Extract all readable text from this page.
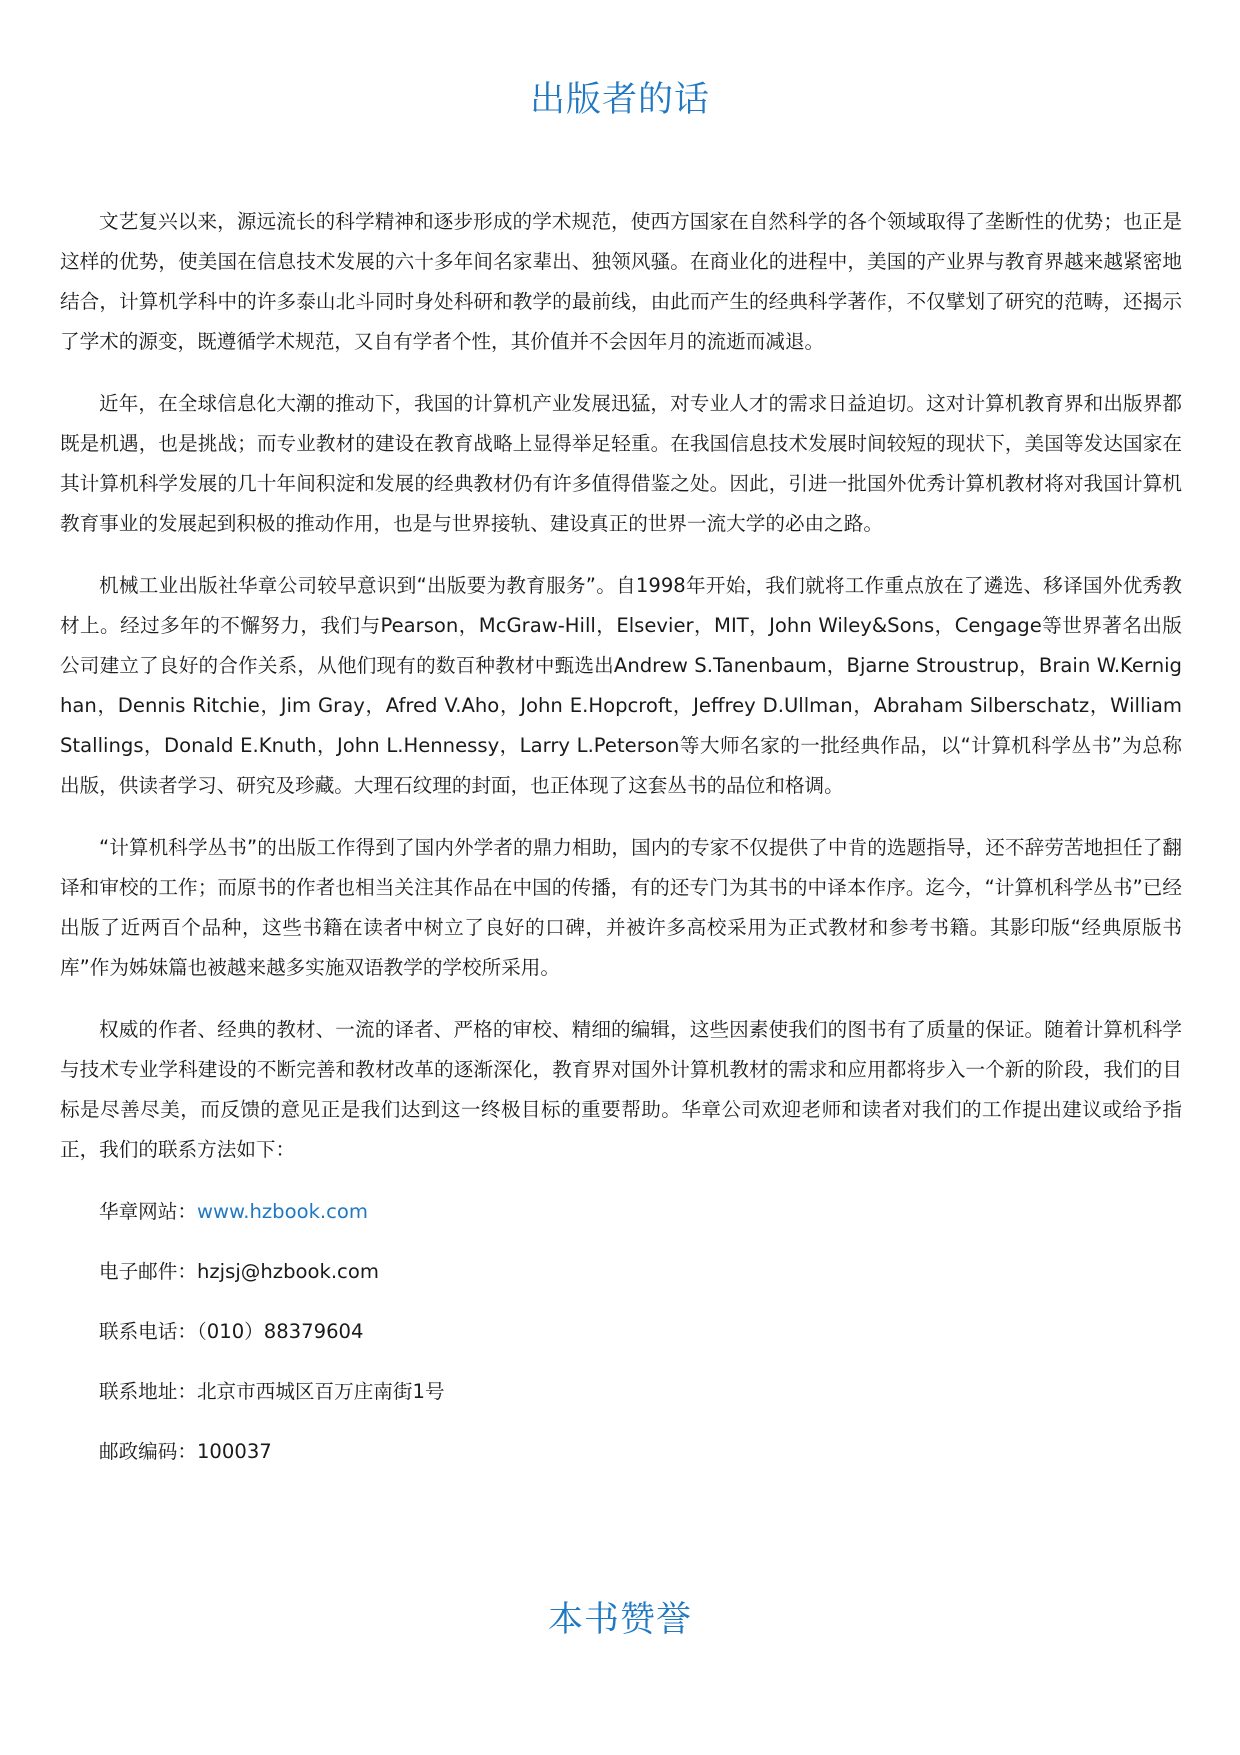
出版者的话

文艺复兴以来，源远流长的科学精神和逐步形成的学术规范，使西方国家在自然科学的各个领域取得了垄断性的优势；也正是这样的优势，使美国在信息技术发展的六十多年间名家辈出、独领风骚。在商业化的进程中，美国的产业界与教育界越来越紧密地结合，计算机学科中的许多泰山北斗同时身处科研和教学的最前线，由此而产生的经典科学著作，不仅擘划了研究的范畴，还揭示了学术的源变，既遵循学术规范，又自有学者个性，其价值并不会因年月的流逝而减退。

近年，在全球信息化大潮的推动下，我国的计算机产业发展迅猛，对专业人才的需求日益迫切。这对计算机教育界和出版界都既是机遇，也是挑战；而专业教材的建设在教育战略上显得举足轻重。在我国信息技术发展时间较短的现状下，美国等发达国家在其计算机科学发展的几十年间积淀和发展的经典教材仍有许多值得借鉴之处。因此，引进一批国外优秀计算机教材将对我国计算机教育事业的发展起到积极的推动作用，也是与世界接轨、建设真正的世界一流大学的必由之路。

机械工业出版社华章公司较早意识到“出版要为教育服务”。自1998年开始，我们就将工作重点放在了遴选、移译国外优秀教材上。经过多年的不懈努力，我们与Pearson，McGraw-Hill，Elsevier，MIT，John Wiley&Sons，Cengage等世界著名出版公司建立了良好的合作关系，从他们现有的数百种教材中甄选出Andrew S.Tanenbaum，Bjarne Stroustrup，Brain W.Kernighan，Dennis Ritchie，Jim Gray，Afred V.Aho，John E.Hopcroft，Jeffrey D.Ullman，Abraham Silberschatz，William Stallings，Donald E.Knuth，John L.Hennessy，Larry L.Peterson等大师名家的一批经典作品，以“计算机科学丛书”为总称出版，供读者学习、研究及珍藏。大理石纹理的封面，也正体现了这套丛书的品位和格调。

“计算机科学丛书”的出版工作得到了国内外学者的鼎力相助，国内的专家不仅提供了中肯的选题指导，还不辞劳苦地担任了翻译和审校的工作；而原书的作者也相当关注其作品在中国的传播，有的还专门为其书的中译本作序。迄今，“计算机科学丛书”已经出版了近两百个品种，这些书籍在读者中树立了良好的口碑，并被许多高校采用为正式教材和参考书籍。其影印版“经典原版书库”作为姊妹篇也被越来越多实施双语教学的学校所采用。

权威的作者、经典的教材、一流的译者、严格的审校、精细的编辑，这些因素使我们的图书有了质量的保证。随着计算机科学与技术专业学科建设的不断完善和教材改革的逐渐深化，教育界对国外计算机教材的需求和应用都将步入一个新的阶段，我们的目标是尽善尽美，而反馈的意见正是我们达到这一终极目标的重要帮助。华章公司欢迎老师和读者对我们的工作提出建议或给予指正，我们的联系方法如下：

华章网站：www.hzbook.com
电子邮件：hzjsj@hzbook.com
联系电话：（010）88379604
联系地址：北京市西城区百万庄南街1号
邮政编码：100037
本书赞誉
